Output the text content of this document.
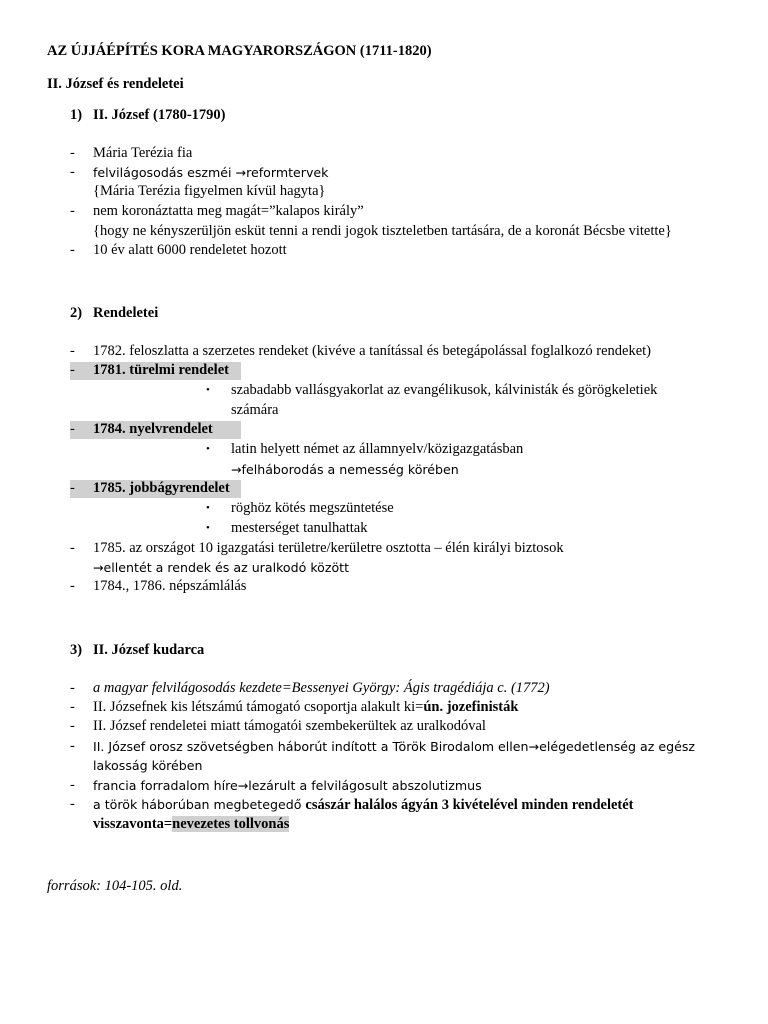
AZ ÚJJÁÉPÍTÉS KORA MAGYARORSZÁGON (1711-1820)
II. József és rendeletei
1) II. József (1780-1790)
- Mária Terézia fia
- felvilágosodás eszméi →reformtervek
{Mária Terézia figyelmen kívül hagyta}
- nem koronáztatta meg magát=”kalapos király”
{hogy ne kényszerüljön esküt tenni a rendi jogok tiszteletben tartására, de a koronát Bécsbe vitette}
- 10 év alatt 6000 rendeletet hozott
2) Rendeletei
- 1782. feloszlatta a szerzetes rendeket (kivéve a tanítással és betegápolással foglalkozó rendeket)
- 1781. türelmi rendelet
• szabadabb vallásgyakorlat az evangélikusok, kálvinisták és görögkeletiek
számára
- 1784. nyelvrendelet
• latin helyett német az államnyelv/közigazgatásban
→felháborodás a nemesség körében
- 1785. jobbágyrendelet
• röghöz kötés megszüntetése
• mesterséget tanulhattak
- 1785. az országot 10 igazgatási területre/kerületre osztotta – élén királyi biztosok
→ellentét a rendek és az uralkodó között
- 1784., 1786. népszámlálás
3) II. József kudarca
- a magyar felvilágosodás kezdete=Bessenyei György: Ágis tragédiája c. (1772)
- II. Józsefnek kis létszámú támogató csoportja alakult ki=ún. jozefinisták
- II. József rendeletei miatt támogatói szembekerültek az uralkodóval
- II. József orosz szövetségben háborút indított a Török Birodalom ellen→elégedetlenség az egész
lakosság körében
- francia forradalom híre→lezárult a felvilágosult abszolutizmus
- a török háborúban megbetegedő császár halálos ágyán 3 kivételével minden rendeletét
visszavonta=nevezetes tollvonás
források: 104-105. old.
